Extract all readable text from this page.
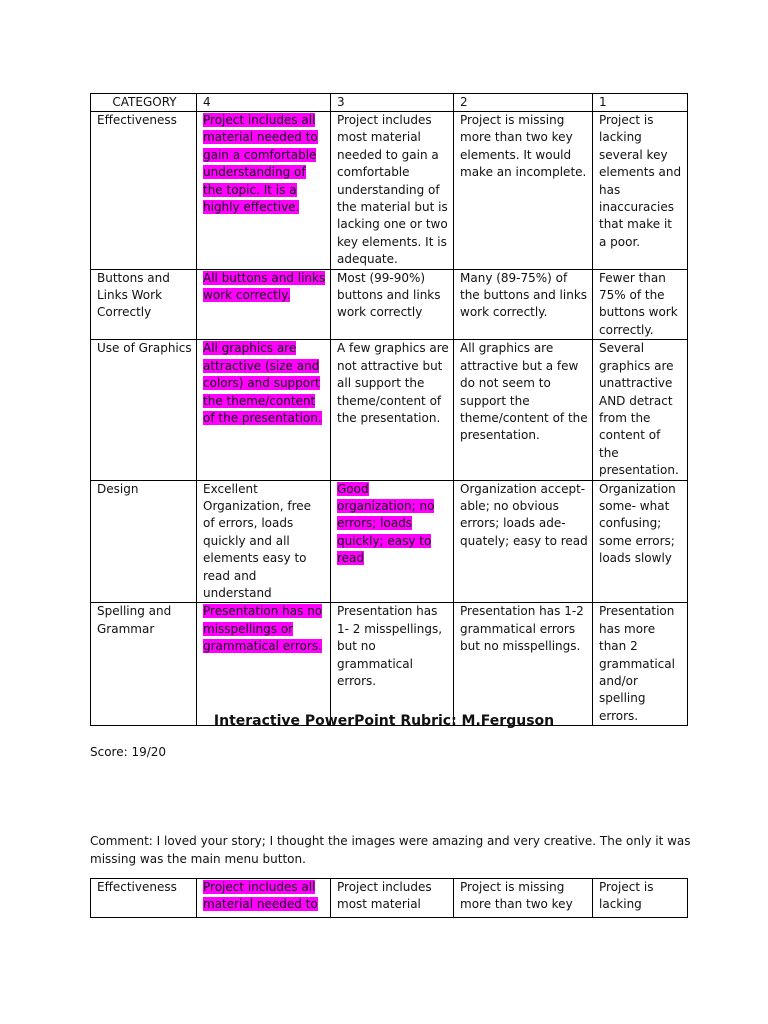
CATEGORY	4	3	2	1
Effectiveness	Project includes all material needed to gain a comfortable understanding of the topic. It is a highly effective.	Project includes most material needed to gain a comfortable understanding of the material but is lacking one or two key elements. It is adequate.	Project is missing more than two key elements. It would make an incomplete.	Project is lacking several key elements and has inaccuracies that make it a poor.
Buttons and Links Work Correctly	All buttons and links work correctly.	Most (99-90%) buttons and links work correctly	Many (89-75%) of the buttons and links work correctly.	Fewer than 75% of the buttons work correctly.
Use of Graphics	All graphics are attractive (size and colors) and support the theme/content of the presentation.	A few graphics are not attractive but all support the theme/content of the presentation.	All graphics are attractive but a few do not seem to support the theme/content of the presentation.	Several graphics are unattractive AND detract from the content of the presentation.
Design	Excellent Organization, free of errors, loads quickly and all elements easy to read and understand	Good organization; no errors; loads quickly; easy to read	Organization accept- able; no obvious errors; loads ade- quately; easy to read	Organization some- what confusing; some errors; loads slowly
Spelling and Grammar	Presentation has no misspellings or grammatical errors.	Presentation has 1- 2 misspellings, but no grammatical errors.	Presentation has 1-2 grammatical errors but no misspellings.	Presentation has more than 2 grammatical and/or spelling errors.
Interactive PowerPoint Rubric: M.Ferguson
Score: 19/20
Comment: I loved your story; I thought the images were amazing and very creative. The only it was missing was the main menu button.
Effectiveness	Project includes all material needed to	Project includes most material	Project is missing more than two key	Project is lacking
